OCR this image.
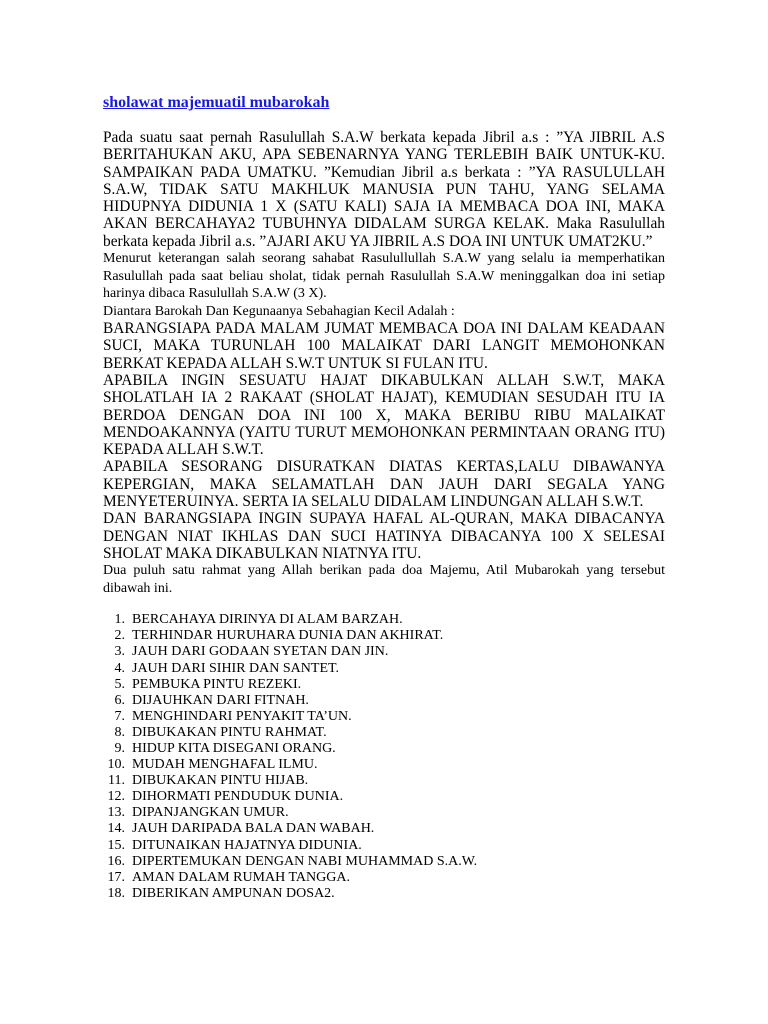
sholawat majemuatil mubarokah

Pada suatu saat pernah Rasulullah S.A.W berkata kepada Jibril a.s : ”YA JIBRIL A.S BERITAHUKAN AKU, APA SEBENARNYA YANG TERLEBIH BAIK UNTUK-KU. SAMPAIKAN PADA UMATKU. ”Kemudian Jibril a.s berkata : ”YA RASULULLAH S.A.W, TIDAK SATU MAKHLUK MANUSIA PUN TAHU, YANG SELAMA HIDUPNYA DIDUNIA 1 X (SATU KALI) SAJA IA MEMBACA DOA INI, MAKA AKAN BERCAHAYA2 TUBUHNYA DIDALAM SURGA KELAK. Maka Rasulullah berkata kepada Jibril a.s. ”AJARI AKU YA JIBRIL A.S DOA INI UNTUK UMAT2KU.”

Menurut keterangan salah seorang sahabat Rasulullullah S.A.W yang selalu ia memperhatikan Rasulullah pada saat beliau sholat, tidak pernah Rasulullah S.A.W meninggalkan doa ini setiap harinya dibaca Rasulullah S.A.W (3 X).

Diantara Barokah Dan Kegunaanya Sebahagian Kecil Adalah :

BARANGSIAPA PADA MALAM JUMAT MEMBACA DOA INI DALAM KEADAAN SUCI, MAKA TURUNLAH 100 MALAIKAT DARI LANGIT MEMOHONKAN BERKAT KEPADA ALLAH S.W.T UNTUK SI FULAN ITU.

APABILA INGIN SESUATU HAJAT DIKABULKAN ALLAH S.W.T, MAKA SHOLATLAH IA 2 RAKAAT (SHOLAT HAJAT), KEMUDIAN SESUDAH ITU IA BERDOA DENGAN DOA INI 100 X, MAKA BERIBU RIBU MALAIKAT MENDOAKANNYA (YAITU TURUT MEMOHONKAN PERMINTAAN ORANG ITU) KEPADA ALLAH S.W.T.

APABILA SESORANG DISURATKAN DIATAS KERTAS,LALU DIBAWANYA KEPERGIAN, MAKA SELAMATLAH DAN JAUH DARI SEGALA YANG MENYETERUINYA. SERTA IA SELALU DIDALAM LINDUNGAN ALLAH S.W.T.

DAN BARANGSIAPA INGIN SUPAYA HAFAL AL-QURAN, MAKA DIBACANYA DENGAN NIAT IKHLAS DAN SUCI HATINYA DIBACANYA 100 X SELESAI SHOLAT MAKA DIKABULKAN NIATNYA ITU.

Dua puluh satu rahmat yang Allah berikan pada doa Majemu, Atil Mubarokah yang tersebut dibawah ini.

1. BERCAHAYA DIRINYA DI ALAM BARZAH.
2. TERHINDAR HURUHARA DUNIA DAN AKHIRAT.
3. JAUH DARI GODAAN SYETAN DAN JIN.
4. JAUH DARI SIHIR DAN SANTET.
5. PEMBUKA PINTU REZEKI.
6. DIJAUHKAN DARI FITNAH.
7. MENGHINDARI PENYAKIT TA’UN.
8. DIBUKAKAN PINTU RAHMAT.
9. HIDUP KITA DISEGANI ORANG.
10. MUDAH MENGHAFAL ILMU.
11. DIBUKAKAN PINTU HIJAB.
12. DIHORMATI PENDUDUK DUNIA.
13. DIPANJANGKAN UMUR.
14. JAUH DARIPADA BALA DAN WABAH.
15. DITUNAIKAN HAJATNYA DIDUNIA.
16. DIPERTEMUKAN DENGAN NABI MUHAMMAD S.A.W.
17. AMAN DALAM RUMAH TANGGA.
18. DIBERIKAN AMPUNAN DOSA2.
